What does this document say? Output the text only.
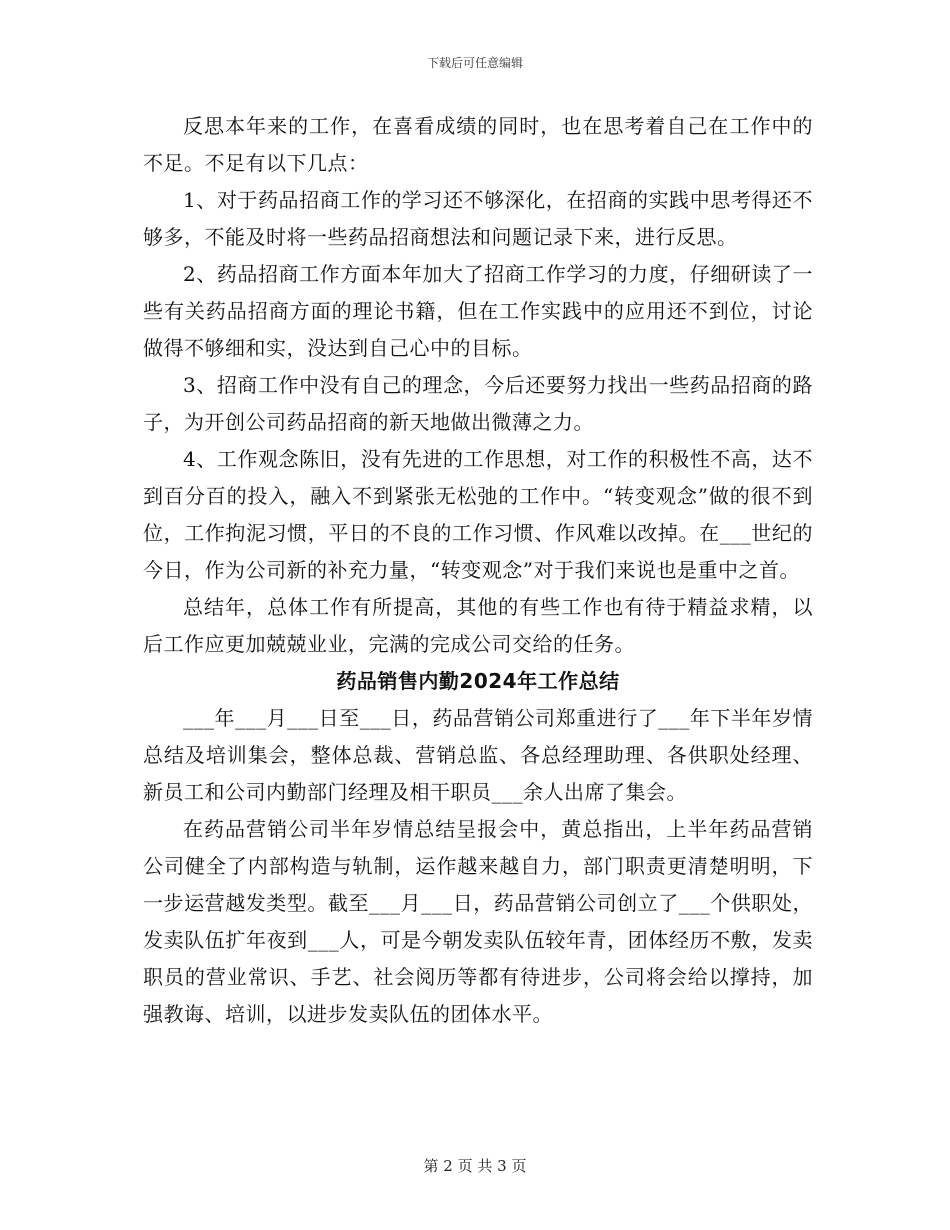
下载后可任意编辑

反思本年来的工作，在喜看成绩的同时，也在思考着自己在工作中的不足。不足有以下几点：

1、对于药品招商工作的学习还不够深化，在招商的实践中思考得还不够多，不能及时将一些药品招商想法和问题记录下来，进行反思。

2、药品招商工作方面本年加大了招商工作学习的力度，仔细研读了一些有关药品招商方面的理论书籍，但在工作实践中的应用还不到位，讨论做得不够细和实，没达到自己心中的目标。

3、招商工作中没有自己的理念，今后还要努力找出一些药品招商的路子，为开创公司药品招商的新天地做出微薄之力。

4、工作观念陈旧，没有先进的工作思想，对工作的积极性不高，达不到百分百的投入，融入不到紧张无松弛的工作中。“转变观念”做的很不到位，工作拘泥习惯，平日的不良的工作习惯、作风难以改掉。在___世纪的今日，作为公司新的补充力量，“转变观念”对于我们来说也是重中之首。

总结年，总体工作有所提高，其他的有些工作也有待于精益求精，以后工作应更加兢兢业业，完满的完成公司交给的任务。

药品销售内勤2024年工作总结

___年___月___日至___日，药品营销公司郑重进行了___年下半年岁情总结及培训集会，整体总裁、营销总监、各总经理助理、各供职处经理、新员工和公司内勤部门经理及相干职员___余人出席了集会。

在药品营销公司半年岁情总结呈报会中，黄总指出，上半年药品营销公司健全了内部构造与轨制，运作越来越自力，部门职责更清楚明明，下一步运营越发类型。截至___月___日，药品营销公司创立了___个供职处，发卖队伍扩年夜到___人，可是今朝发卖队伍较年青，团体经历不敷，发卖职员的营业常识、手艺、社会阅历等都有待进步，公司将会给以撑持，加强教诲、培训，以进步发卖队伍的团体水平。

第 2 页 共 3 页
